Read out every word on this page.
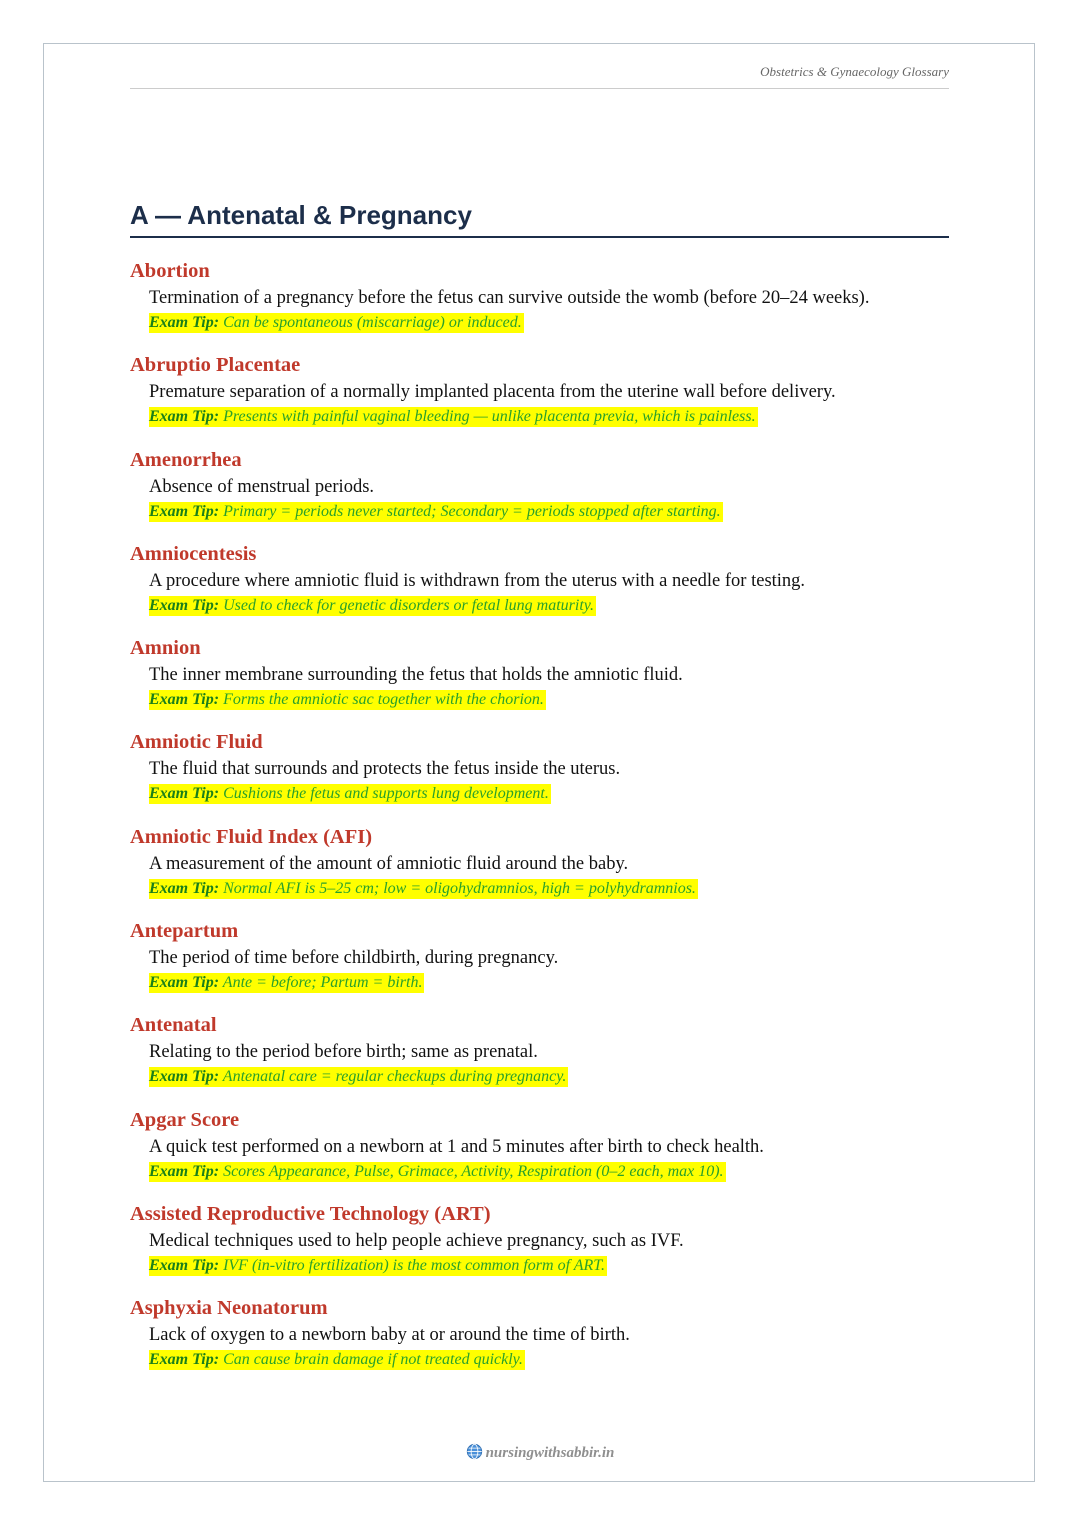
Obstetrics & Gynaecology Glossary
A — Antenatal & Pregnancy
Abortion
Termination of a pregnancy before the fetus can survive outside the womb (before 20–24 weeks).
Exam Tip: Can be spontaneous (miscarriage) or induced.
Abruptio Placentae
Premature separation of a normally implanted placenta from the uterine wall before delivery.
Exam Tip: Presents with painful vaginal bleeding — unlike placenta previa, which is painless.
Amenorrhea
Absence of menstrual periods.
Exam Tip: Primary = periods never started; Secondary = periods stopped after starting.
Amniocentesis
A procedure where amniotic fluid is withdrawn from the uterus with a needle for testing.
Exam Tip: Used to check for genetic disorders or fetal lung maturity.
Amnion
The inner membrane surrounding the fetus that holds the amniotic fluid.
Exam Tip: Forms the amniotic sac together with the chorion.
Amniotic Fluid
The fluid that surrounds and protects the fetus inside the uterus.
Exam Tip: Cushions the fetus and supports lung development.
Amniotic Fluid Index (AFI)
A measurement of the amount of amniotic fluid around the baby.
Exam Tip: Normal AFI is 5–25 cm; low = oligohydramnios, high = polyhydramnios.
Antepartum
The period of time before childbirth, during pregnancy.
Exam Tip: Ante = before; Partum = birth.
Antenatal
Relating to the period before birth; same as prenatal.
Exam Tip: Antenatal care = regular checkups during pregnancy.
Apgar Score
A quick test performed on a newborn at 1 and 5 minutes after birth to check health.
Exam Tip: Scores Appearance, Pulse, Grimace, Activity, Respiration (0–2 each, max 10).
Assisted Reproductive Technology (ART)
Medical techniques used to help people achieve pregnancy, such as IVF.
Exam Tip: IVF (in-vitro fertilization) is the most common form of ART.
Asphyxia Neonatorum
Lack of oxygen to a newborn baby at or around the time of birth.
Exam Tip: Can cause brain damage if not treated quickly.
nursingwithsabbir.in
